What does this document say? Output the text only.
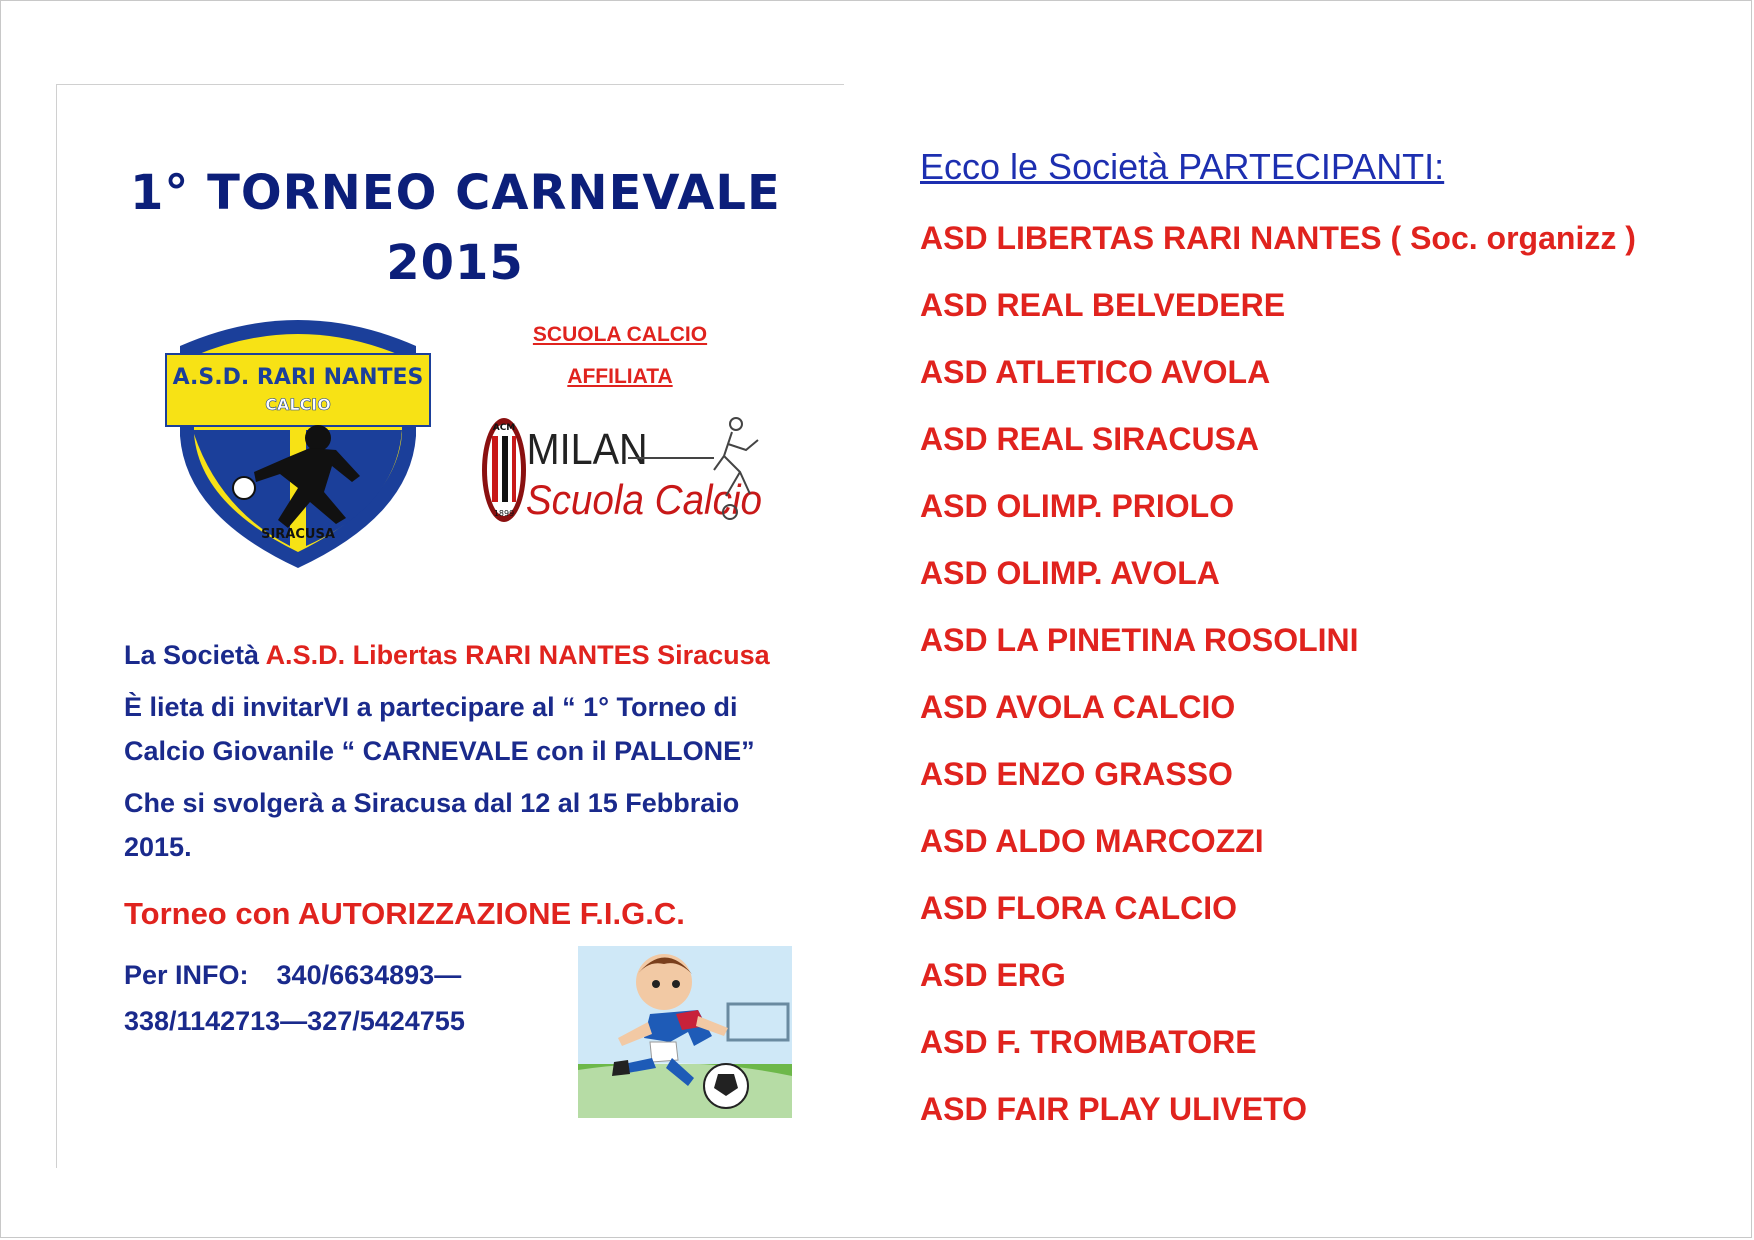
1° TORNEO CARNEVALE
2015
A.S.D. RARI NANTES
CALCIO
SIRACUSA
SCUOLA CALCIO
AFFILIATA
ACM
1899
MILAN
Scuola Calcio

La Società A.S.D. Libertas RARI NANTES Siracusa

È lieta di invitarVI a partecipare al “ 1° Torneo di

Calcio Giovanile “ CARNEVALE con il PALLONE”

Che si svolgerà a Siracusa dal 12 al 15 Febbraio

2015.

Torneo con AUTORIZZAZIONE F.I.G.C.
Per INFO: 340/6634893—
338/1142713—327/5424755
Ecco le Società PARTECIPANTI:
ASD LIBERTAS RARI NANTES ( Soc. organizz )
ASD REAL BELVEDERE
ASD ATLETICO AVOLA
ASD REAL SIRACUSA
ASD OLIMP. PRIOLO
ASD OLIMP. AVOLA
ASD LA PINETINA ROSOLINI
ASD AVOLA CALCIO
ASD ENZO GRASSO
ASD ALDO MARCOZZI
ASD FLORA CALCIO
ASD ERG
ASD F. TROMBATORE
ASD FAIR PLAY ULIVETO
